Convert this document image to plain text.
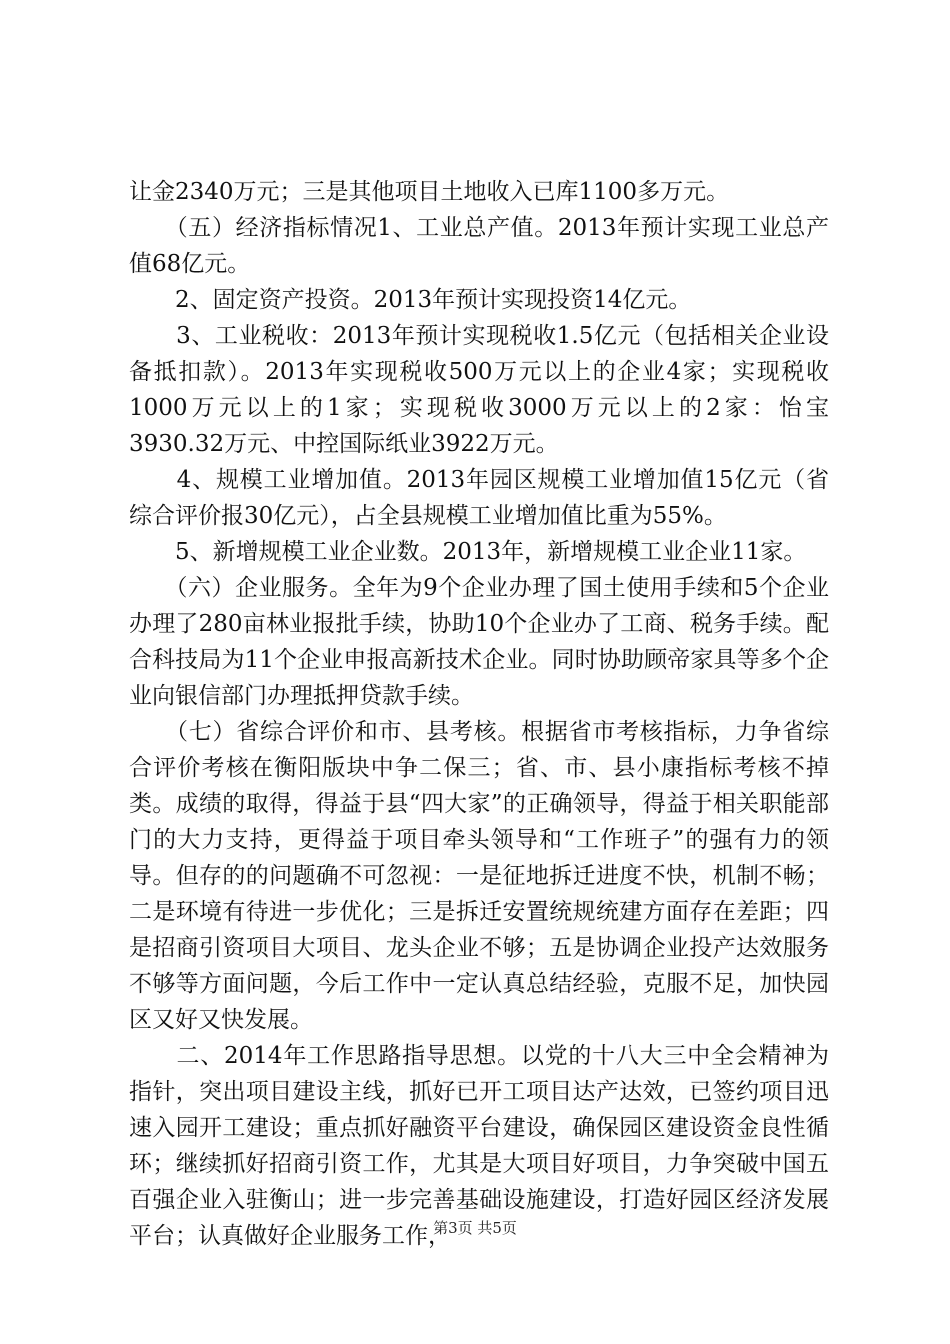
让金2340万元；三是其他项目土地收入已库1100多万元。

　　（五）经济指标情况1、工业总产值。2013年预计实现工业总产值68亿元。

　　2、固定资产投资。2013年预计实现投资14亿元。

　　3、工业税收：2013年预计实现税收1.5亿元（包括相关企业设备抵扣款）。2013年实现税收500万元以上的企业4家；实现税收1000万元以上的1家；实现税收3000万元以上的2家：怡宝3930.32万元、中控国际纸业3922万元。

　　4、规模工业增加值。2013年园区规模工业增加值15亿元（省综合评价报30亿元），占全县规模工业增加值比重为55%。

　　5、新增规模工业企业数。2013年，新增规模工业企业11家。

　　（六）企业服务。全年为9个企业办理了国土使用手续和5个企业办理了280亩林业报批手续，协助10个企业办了工商、税务手续。配合科技局为11个企业申报高新技术企业。同时协助顾帝家具等多个企业向银信部门办理抵押贷款手续。

　　（七）省综合评价和市、县考核。根据省市考核指标，力争省综合评价考核在衡阳版块中争二保三；省、市、县小康指标考核不掉类。成绩的取得，得益于县“四大家”的正确领导，得益于相关职能部门的大力支持，更得益于项目牵头领导和“工作班子”的强有力的领导。但存的的问题确不可忽视：一是征地拆迁进度不快，机制不畅；二是环境有待进一步优化；三是拆迁安置统规统建方面存在差距；四是招商引资项目大项目、龙头企业不够；五是协调企业投产达效服务不够等方面问题，今后工作中一定认真总结经验，克服不足，加快园区又好又快发展。

　　二、2014年工作思路指导思想。以党的十八大三中全会精神为指针，突出项目建设主线，抓好已开工项目达产达效，已签约项目迅速入园开工建设；重点抓好融资平台建设，确保园区建设资金良性循环；继续抓好招商引资工作，尤其是大项目好项目，力争突破中国五百强企业入驻衡山；进一步完善基础设施建设，打造好园区经济发展平台；认真做好企业服务工作，

第3页 共5页
